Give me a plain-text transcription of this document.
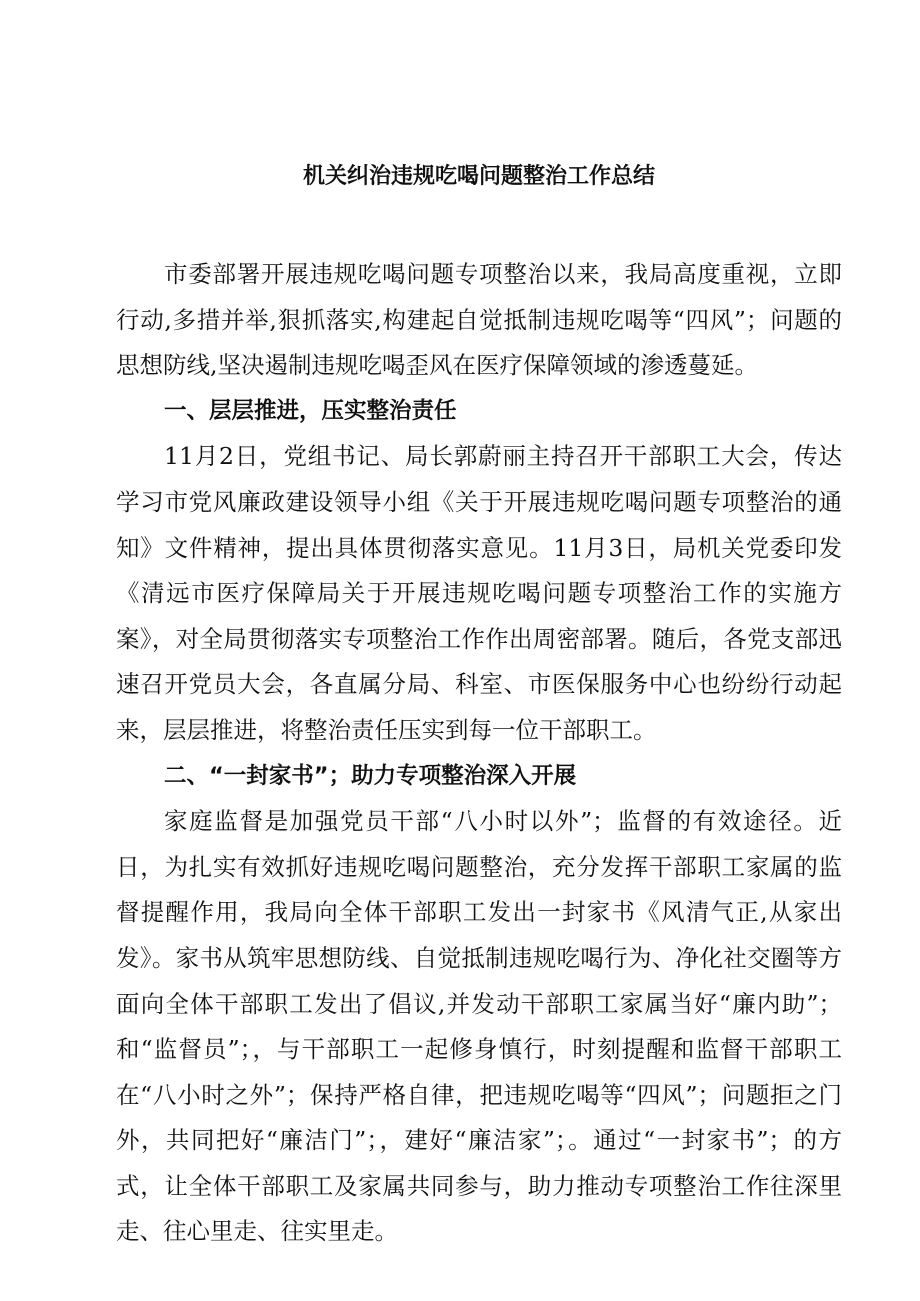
机关纠治违规吃喝问题整治工作总结

市委部署开展违规吃喝问题专项整治以来，我局高度重视，立即行动,多措并举,狠抓落实,构建起自觉抵制违规吃喝等“四风”；问题的思想防线,坚决遏制违规吃喝歪风在医疗保障领域的渗透蔓延。

一、层层推进，压实整治责任

11月2日，党组书记、局长郭蔚丽主持召开干部职工大会，传达学习市党风廉政建设领导小组《关于开展违规吃喝问题专项整治的通知》文件精神，提出具体贯彻落实意见。11月3日，局机关党委印发《清远市医疗保障局关于开展违规吃喝问题专项整治工作的实施方案》，对全局贯彻落实专项整治工作作出周密部署。随后，各党支部迅速召开党员大会，各直属分局、科室、市医保服务中心也纷纷行动起来，层层推进，将整治责任压实到每一位干部职工。

二、“一封家书”；助力专项整治深入开展

家庭监督是加强党员干部“八小时以外”；监督的有效途径。近日，为扎实有效抓好违规吃喝问题整治，充分发挥干部职工家属的监督提醒作用，我局向全体干部职工发出一封家书《风清气正,从家出发》。家书从筑牢思想防线、自觉抵制违规吃喝行为、净化社交圈等方面向全体干部职工发出了倡议,并发动干部职工家属当好“廉内助”；和“监督员”；，与干部职工一起修身慎行，时刻提醒和监督干部职工在“八小时之外”；保持严格自律，把违规吃喝等“四风”；问题拒之门外，共同把好“廉洁门”；，建好“廉洁家”；。通过“一封家书”；的方式，让全体干部职工及家属共同参与，助力推动专项整治工作往深里走、往心里走、往实里走。
